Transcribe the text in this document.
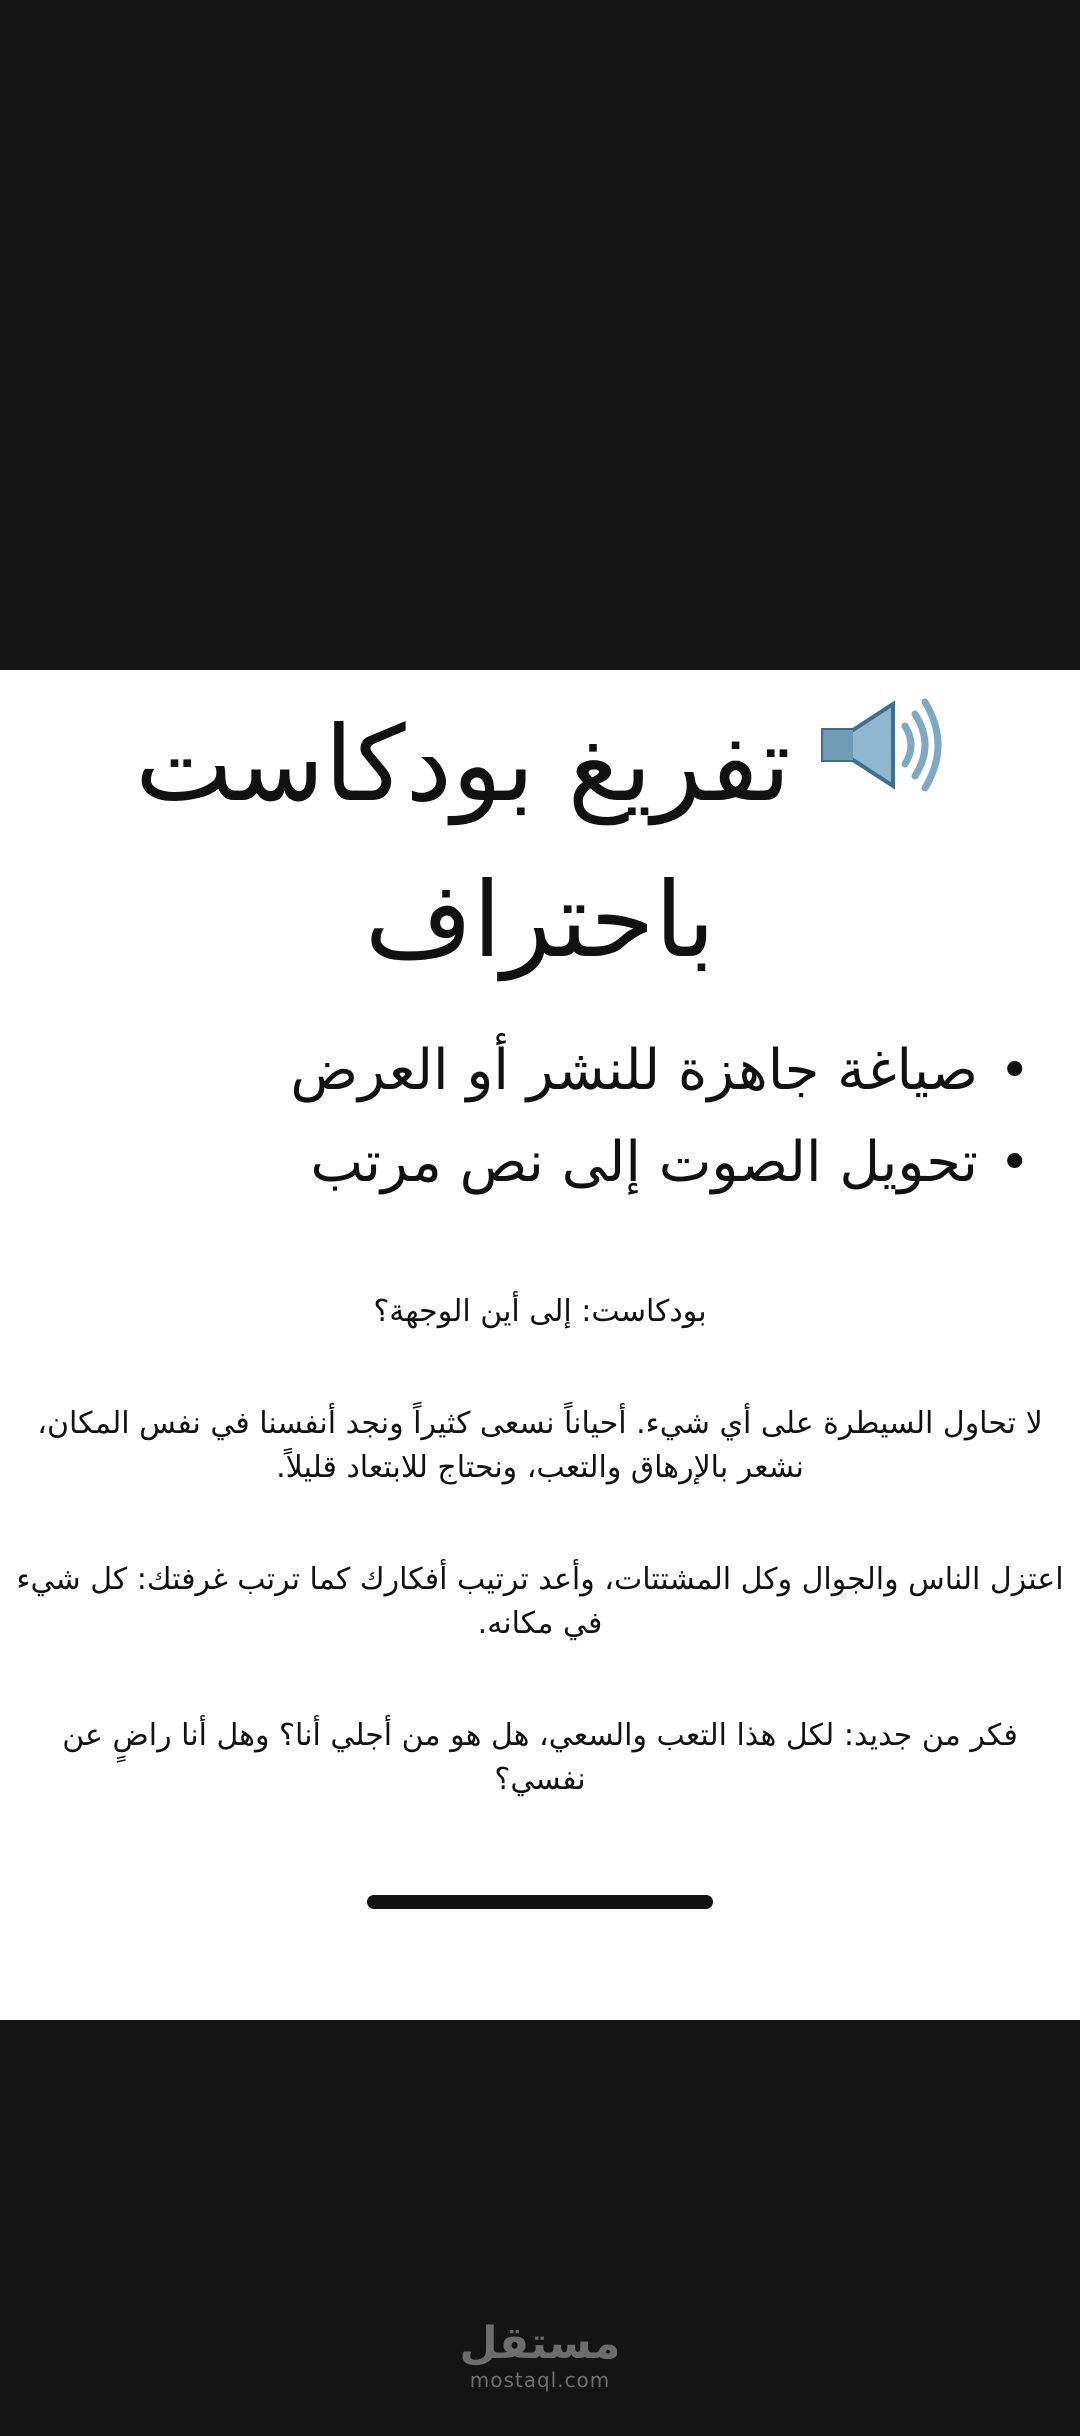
تفريغ بودكاست باحتراف
• صياغة جاهزة للنشر أو العرض
• تحويل الصوت إلى نص مرتب

بودكاست: إلى أين الوجهة؟

لا تحاول السيطرة على أي شيء. أحياناً نسعى كثيراً ونجد أنفسنا في نفس المكان، نشعر بالإرهاق والتعب، ونحتاج للابتعاد قليلاً.

اعتزل الناس والجوال وكل المشتتات، وأعد ترتيب أفكارك كما ترتب غرفتك: كل شيء في مكانه.

فكر من جديد: لكل هذا التعب والسعي، هل هو من أجلي أنا؟ وهل أنا راضٍ عن نفسي؟

مستقل
mostaql.com
